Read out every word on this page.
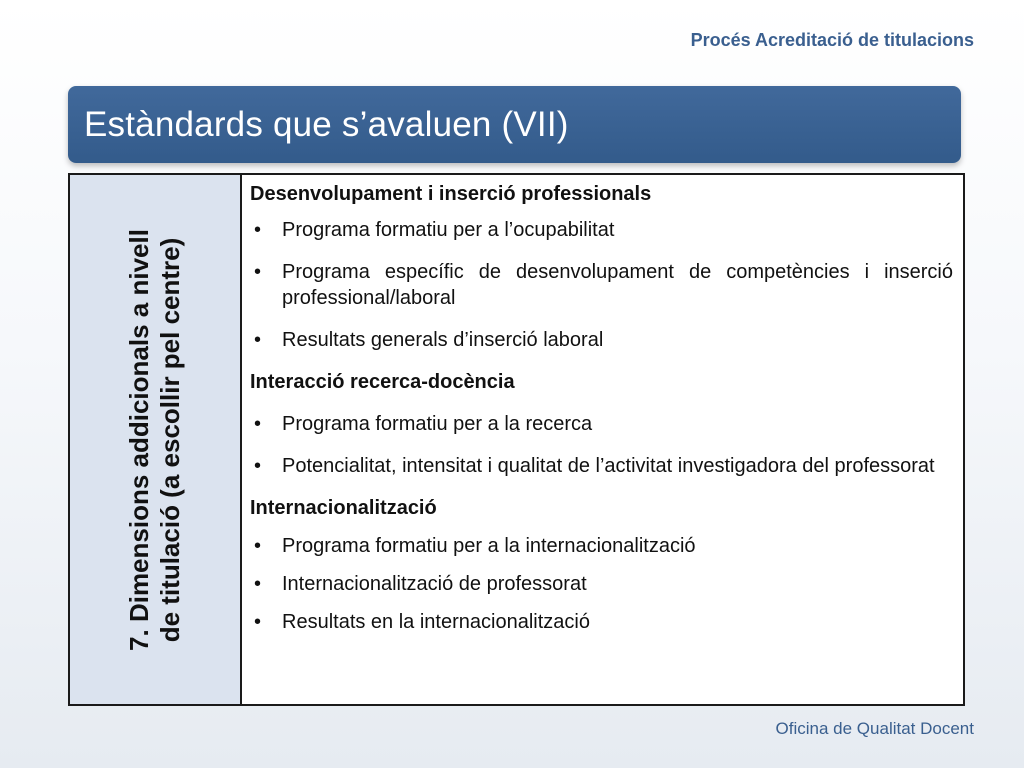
Procés Acreditació de titulacions
Estàndards que s’avaluen (VII)
7. Dimensions addicionals a nivell de titulació (a escollir pel centre)

Desenvolupament i inserció professionals

• Programa formatiu per a l’ocupabilitat
• Programa específic de desenvolupament de competències i inserció professional/laboral
• Resultats generals d’inserció laboral

Interacció recerca-docència

• Programa formatiu per a la recerca
• Potencialitat, intensitat i qualitat de l’activitat investigadora del professorat

Internacionalització

• Programa formatiu per a la internacionalització
• Internacionalització de professorat
• Resultats en la internacionalització
Oficina de Qualitat Docent
